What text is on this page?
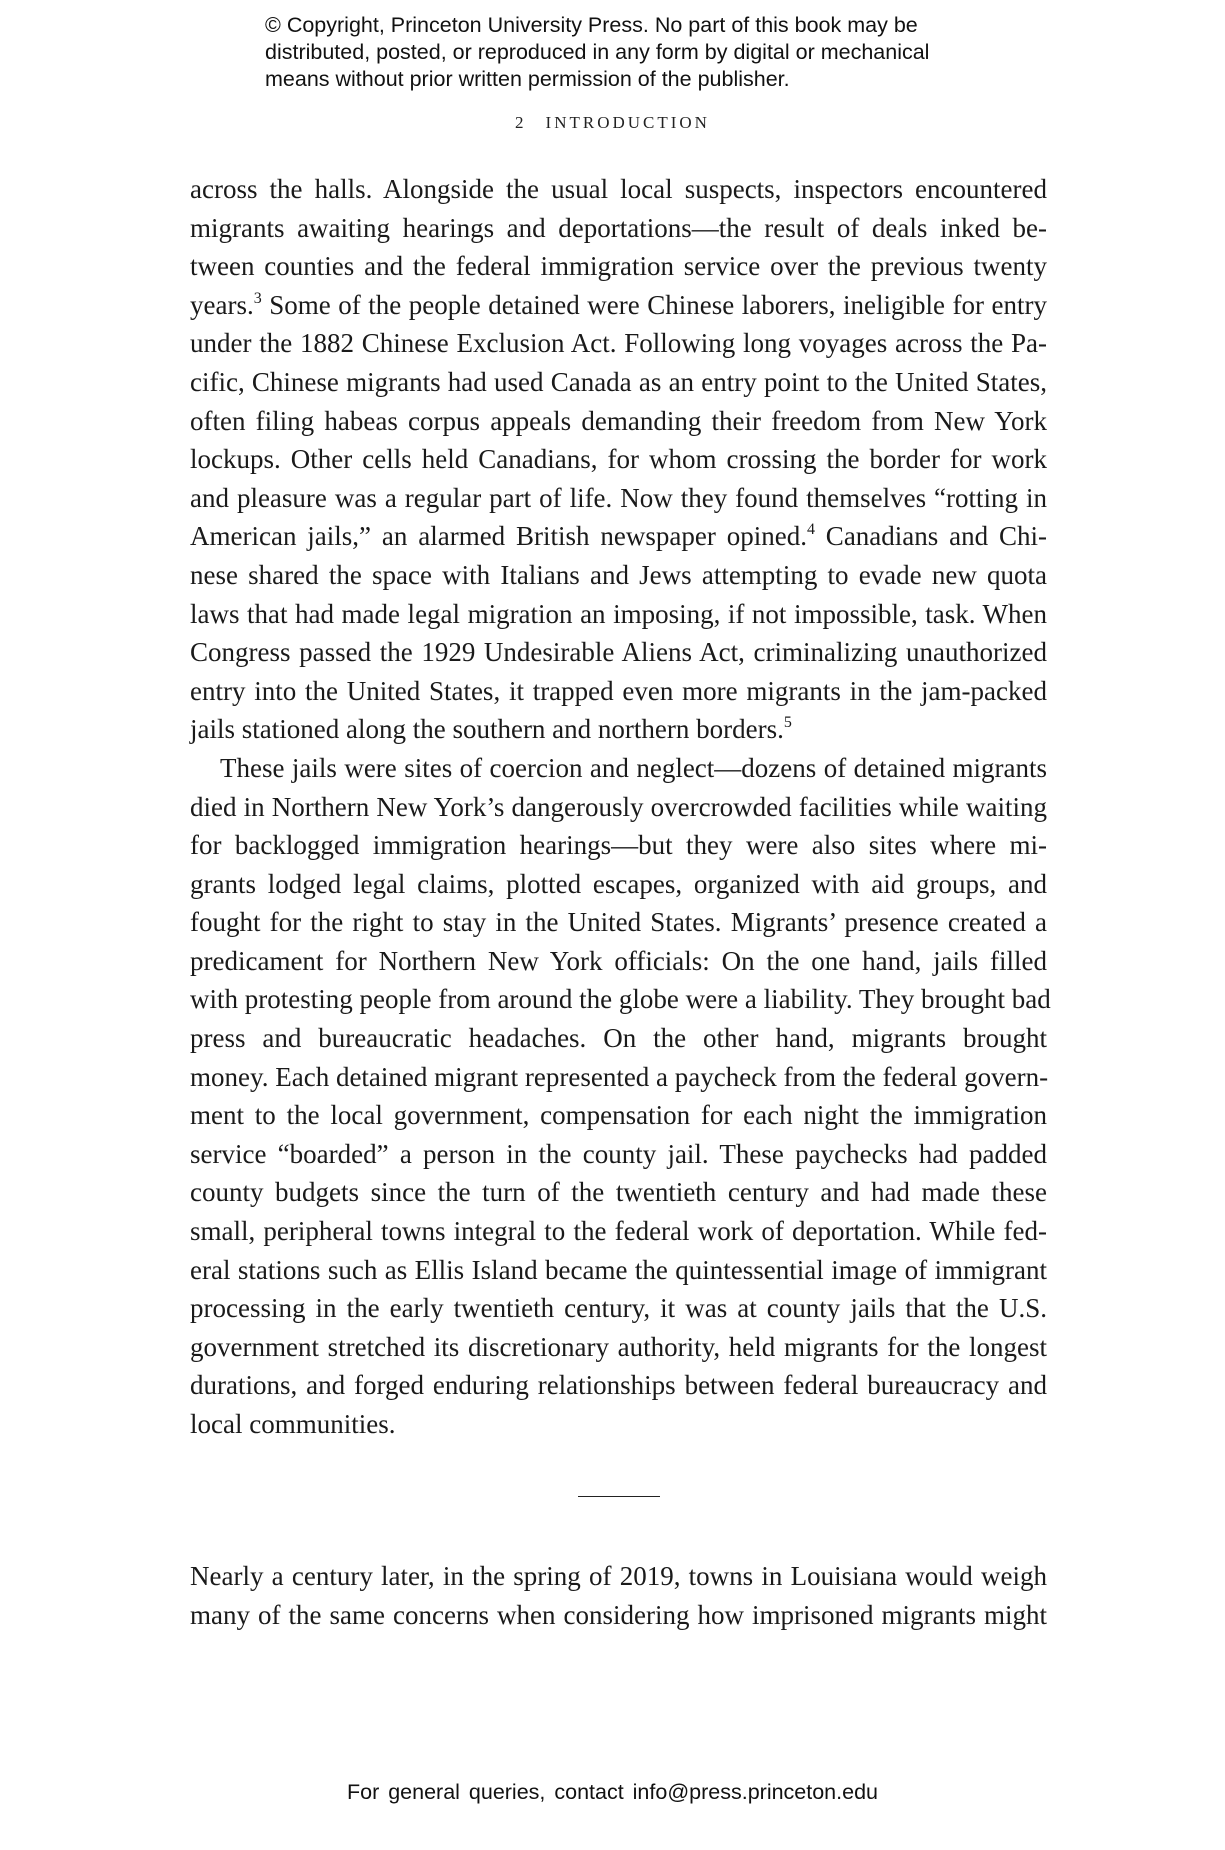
© Copyright, Princeton University Press. No part of this book may be
distributed, posted, or reproduced in any form by digital or mechanical
means without prior written permission of the publisher.
2 INTRODUCTION
across the halls. Alongside the usual local suspects, inspectors encountered
migrants awaiting hearings and deportations—the result of deals inked be-
tween counties and the federal immigration service over the previous twenty
years.$^3$ Some of the people detained were Chinese laborers, ineligible for entry
under the 1882 Chinese Exclusion Act. Following long voyages across the Pa-
cific, Chinese migrants had used Canada as an entry point to the United States,
often filing habeas corpus appeals demanding their freedom from New York
lockups. Other cells held Canadians, for whom crossing the border for work
and pleasure was a regular part of life. Now they found themselves “rotting in
American jails,” an alarmed British newspaper opined.$^4$ Canadians and Chi-
nese shared the space with Italians and Jews attempting to evade new quota
laws that had made legal migration an imposing, if not impossible, task. When
Congress passed the 1929 Undesirable Aliens Act, criminalizing unauthorized
entry into the United States, it trapped even more migrants in the jam-packed
jails stationed along the southern and northern borders.$^5$
These jails were sites of coercion and neglect—dozens of detained migrants
died in Northern New York’s dangerously overcrowded facilities while waiting
for backlogged immigration hearings—but they were also sites where mi-
grants lodged legal claims, plotted escapes, organized with aid groups, and
fought for the right to stay in the United States. Migrants’ presence created a
predicament for Northern New York officials: On the one hand, jails filled
with protesting people from around the globe were a liability. They brought bad
press and bureaucratic headaches. On the other hand, migrants brought
money. Each detained migrant represented a paycheck from the federal govern-
ment to the local government, compensation for each night the immigration
service “boarded” a person in the county jail. These paychecks had padded
county budgets since the turn of the twentieth century and had made these
small, peripheral towns integral to the federal work of deportation. While fed-
eral stations such as Ellis Island became the quintessential image of immigrant
processing in the early twentieth century, it was at county jails that the U.S.
government stretched its discretionary authority, held migrants for the longest
durations, and forged enduring relationships between federal bureaucracy and
local communities.
Nearly a century later, in the spring of 2019, towns in Louisiana would weigh
many of the same concerns when considering how imprisoned migrants might
For general queries, contact info@press.princeton.edu
